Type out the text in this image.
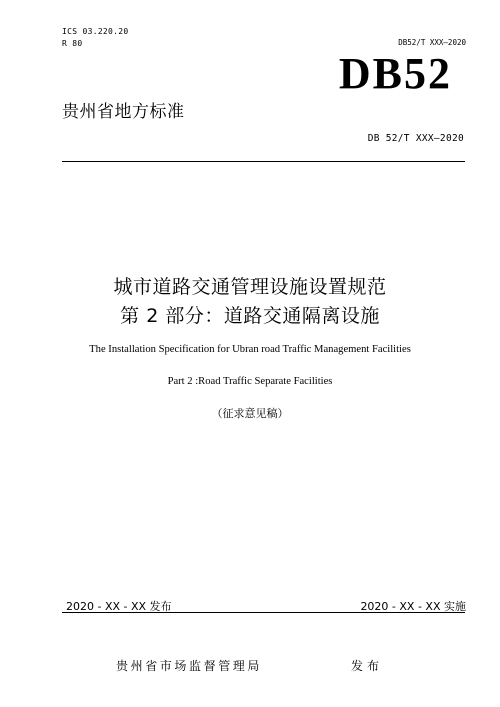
ICS 03.220.20
R 80	DB52/T XXX—2020
DB52
贵州省地方标准
DB 52/T XXX—2020
城市道路交通管理设施设置规范
第 2 部分：道路交通隔离设施
The Installation Specification for Ubran road Traffic Management Facilities
Part 2 :Road Traffic Separate Facilities
（征求意见稿）
2020 - XX - XX 发布	2020 - XX - XX 实施
贵州省市场监督管理局	发布
